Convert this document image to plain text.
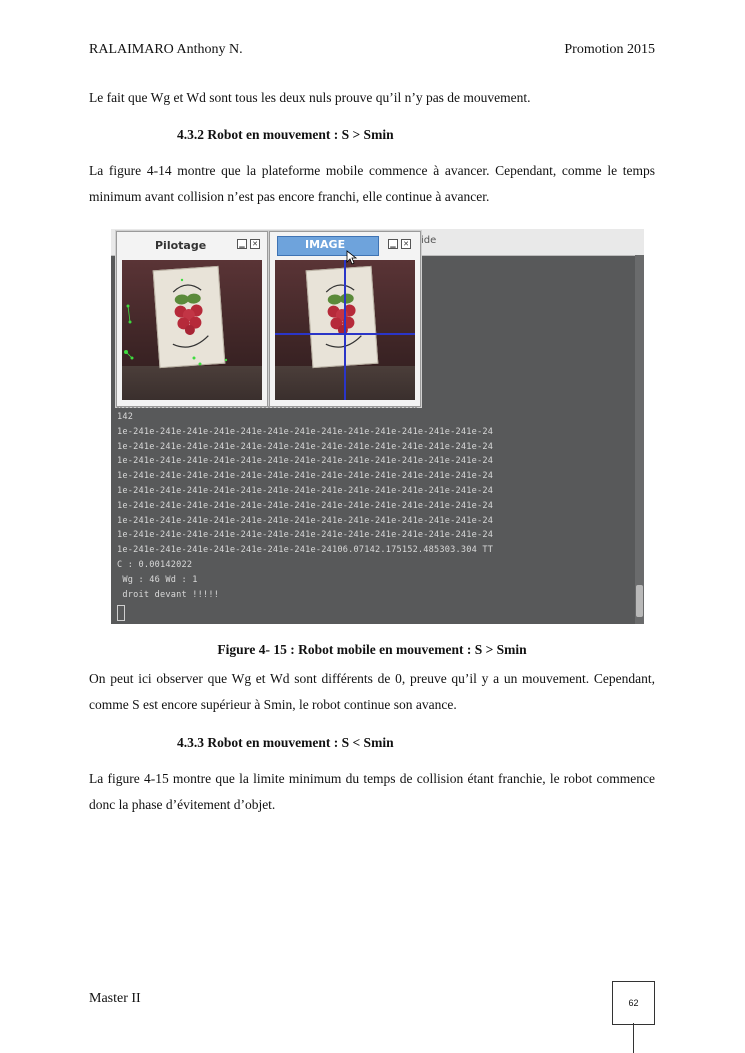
RALAIMARO Anthony N.	Promotion 2015
Le fait que Wg et Wd sont tous les deux nuls prouve qu’il n’y pas de mouvement.
4.3.2 Robot en mouvement : S > Smin
La figure 4-14 montre que la plateforme mobile commence à avancer. Cependant, comme le temps minimum avant collision n’est pas encore franchi, elle continue à avancer.
ide
Pilotage	▁	✕	IMAGE	▁	✕
142
1e-241e-241e-241e-241e-241e-241e-241e-241e-241e-241e-241e-241e-241e-24
1e-241e-241e-241e-241e-241e-241e-241e-241e-241e-241e-241e-241e-241e-24
1e-241e-241e-241e-241e-241e-241e-241e-241e-241e-241e-241e-241e-241e-24
1e-241e-241e-241e-241e-241e-241e-241e-241e-241e-241e-241e-241e-241e-24
1e-241e-241e-241e-241e-241e-241e-241e-241e-241e-241e-241e-241e-241e-24
1e-241e-241e-241e-241e-241e-241e-241e-241e-241e-241e-241e-241e-241e-24
1e-241e-241e-241e-241e-241e-241e-241e-241e-241e-241e-241e-241e-241e-24
1e-241e-241e-241e-241e-241e-241e-241e-241e-241e-241e-241e-241e-241e-24
1e-241e-241e-241e-241e-241e-241e-241e-24106.07142.175152.485303.304 TT
C : 0.00142022
Wg : 46 Wd : 1
droit devant !!!!!
Figure 4- 15 : Robot mobile en mouvement : S > Smin
On peut ici observer que Wg et Wd sont différents de 0, preuve qu’il y a un mouvement. Cependant, comme S est encore supérieur à Smin, le robot continue son avance.
4.3.3 Robot en mouvement : S < Smin
La figure 4-15 montre que la limite minimum du temps de collision étant franchie, le robot commence donc la phase d’évitement d’objet.
Master II	62
